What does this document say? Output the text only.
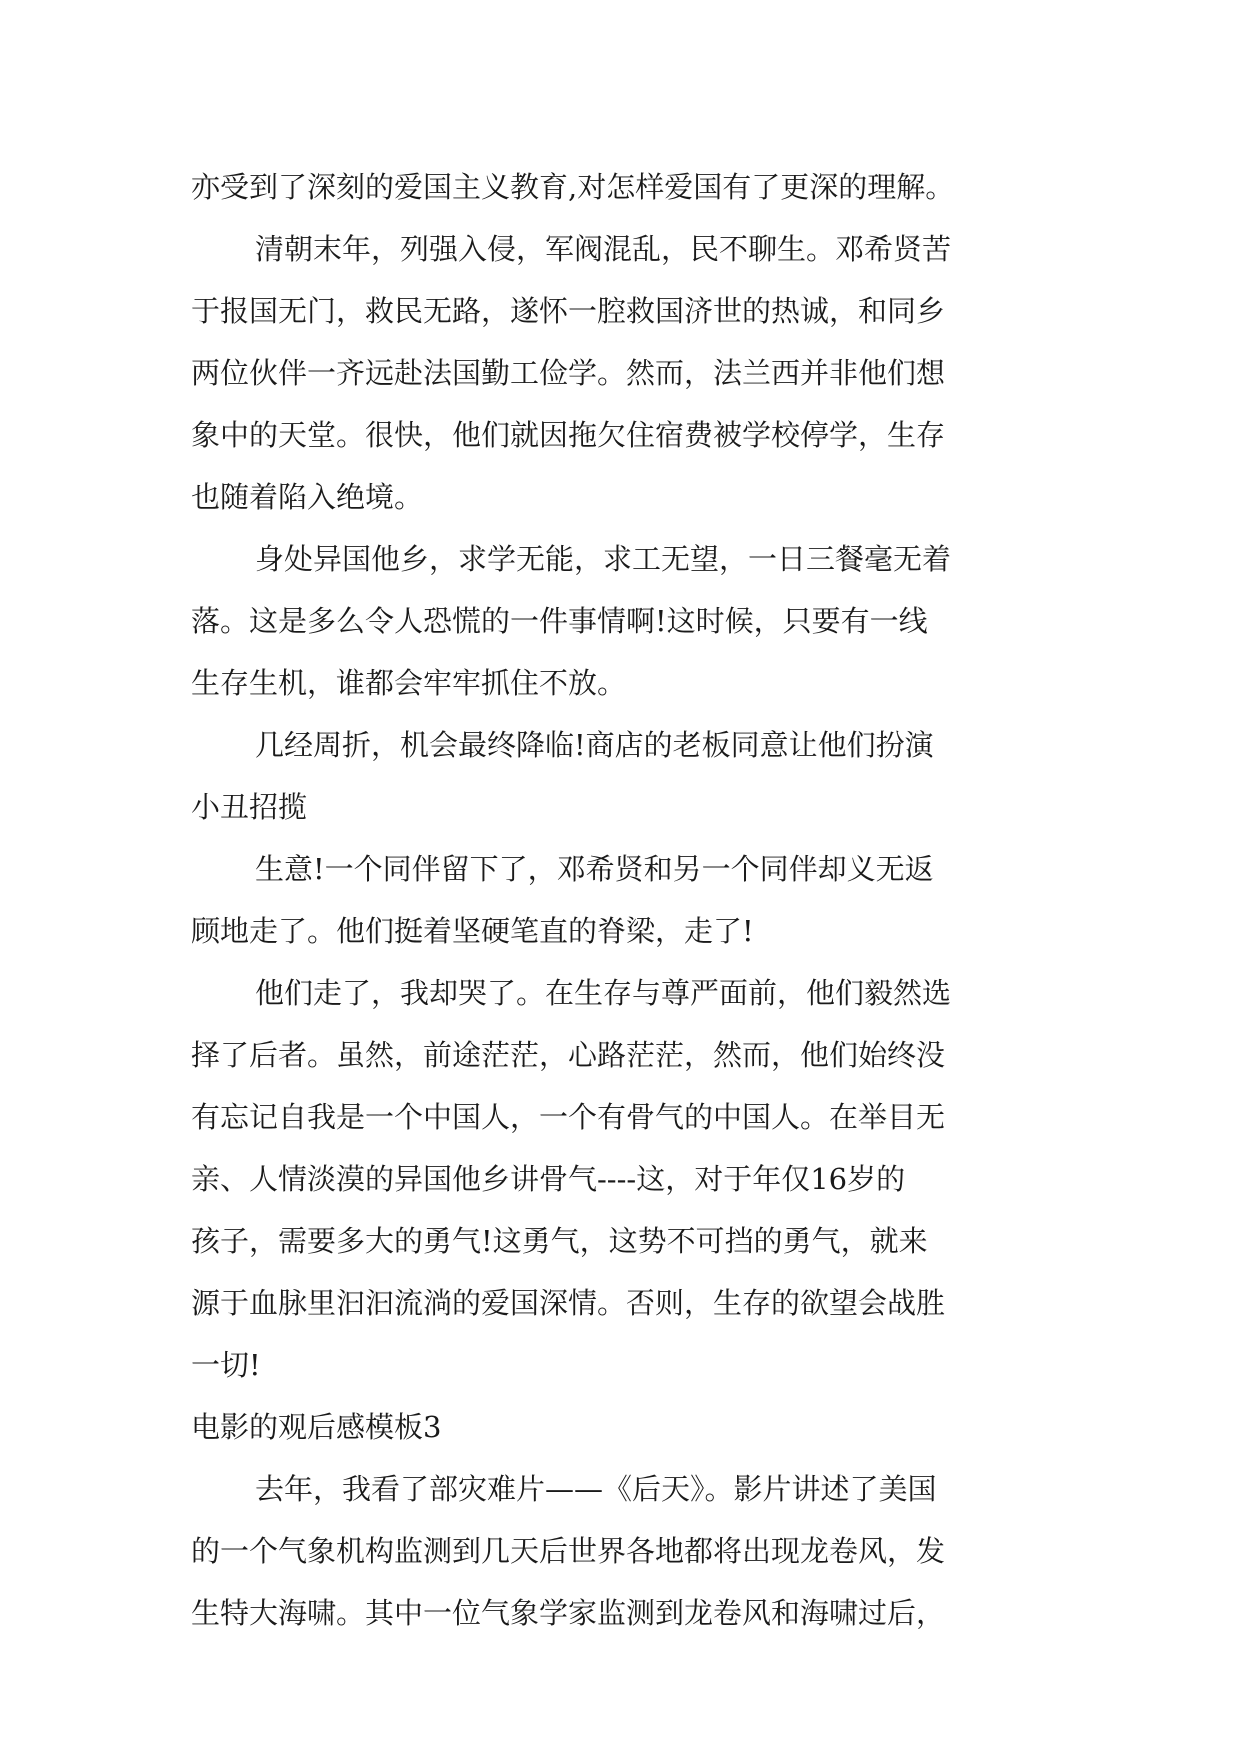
亦受到了深刻的爱国主义教育,对怎样爱国有了更深的理解。
清朝末年，列强入侵，军阀混乱，民不聊生。邓希贤苦
于报国无门，救民无路，遂怀一腔救国济世的热诚，和同乡
两位伙伴一齐远赴法国勤工俭学。然而，法兰西并非他们想
象中的天堂。很快，他们就因拖欠住宿费被学校停学，生存
也随着陷入绝境。
身处异国他乡，求学无能，求工无望，一日三餐毫无着
落。这是多么令人恐慌的一件事情啊!这时候，只要有一线
生存生机，谁都会牢牢抓住不放。
几经周折，机会最终降临!商店的老板同意让他们扮演
小丑招揽
生意!一个同伴留下了，邓希贤和另一个同伴却义无返
顾地走了。他们挺着坚硬笔直的脊梁，走了!
他们走了，我却哭了。在生存与尊严面前，他们毅然选
择了后者。虽然，前途茫茫，心路茫茫，然而，他们始终没
有忘记自我是一个中国人，一个有骨气的中国人。在举目无
亲、人情淡漠的异国他乡讲骨气----这，对于年仅16岁的
孩子，需要多大的勇气!这勇气，这势不可挡的勇气，就来
源于血脉里汩汩流淌的爱国深情。否则，生存的欲望会战胜
一切!
电影的观后感模板3
去年，我看了部灾难片——《后天》。影片讲述了美国
的一个气象机构监测到几天后世界各地都将出现龙卷风，发
生特大海啸。其中一位气象学家监测到龙卷风和海啸过后，
